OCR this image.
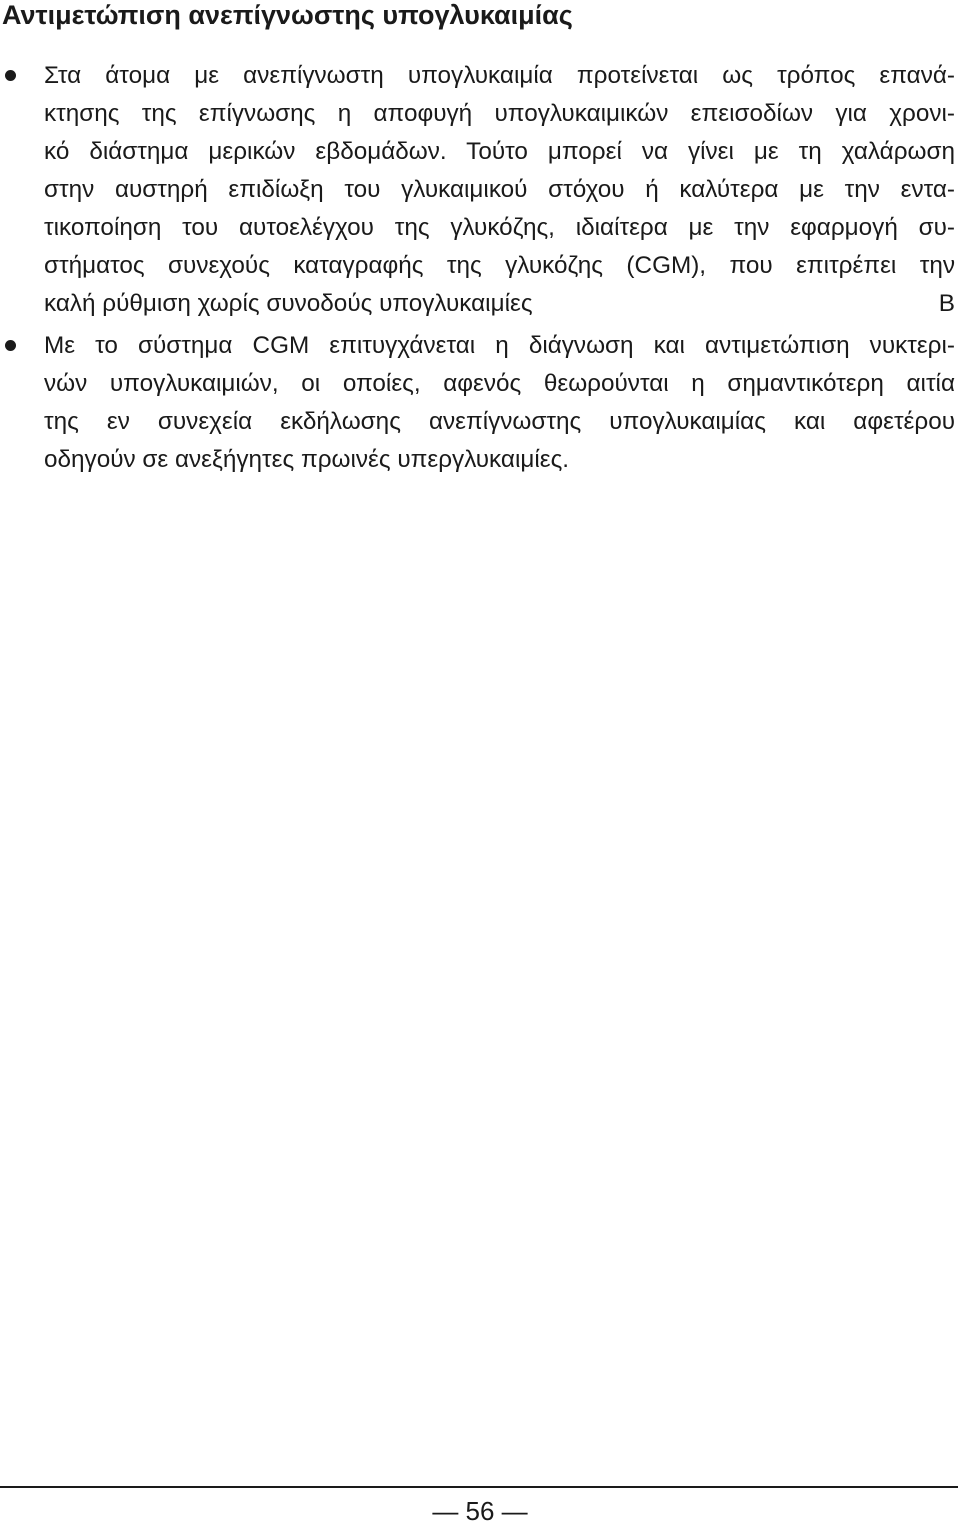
Αντιμετώπιση ανεπίγνωστης υπογλυκαιμίας
Στα άτομα με ανεπίγνωστη υπογλυκαιμία προτείνεται ως τρόπος επανά-
κτησης της επίγνωσης η αποφυγή υπογλυκαιμικών επεισοδίων για χρονι-
κό διάστημα μερικών εβδομάδων. Τούτο μπορεί να γίνει με τη χαλάρωση
στην αυστηρή επιδίωξη του γλυκαιμικού στόχου ή καλύτερα με την εντα-
τικοποίηση του αυτοελέγχου της γλυκόζης, ιδιαίτερα με την εφαρμογή συ-
στήματος συνεχούς καταγραφής της γλυκόζης (CGM), που επιτρέπει την
καλή ρύθμιση χωρίς συνοδούς υπογλυκαιμίες	B
Με το σύστημα CGM επιτυγχάνεται η διάγνωση και αντιμετώπιση νυκτερι-
νών υπογλυκαιμιών, οι οποίες, αφενός θεωρούνται η σημαντικότερη αιτία
της εν συνεχεία εκδήλωσης ανεπίγνωστης υπογλυκαιμίας και αφετέρου
οδηγούν σε ανεξήγητες πρωινές υπεργλυκαιμίες.
— 56 —
